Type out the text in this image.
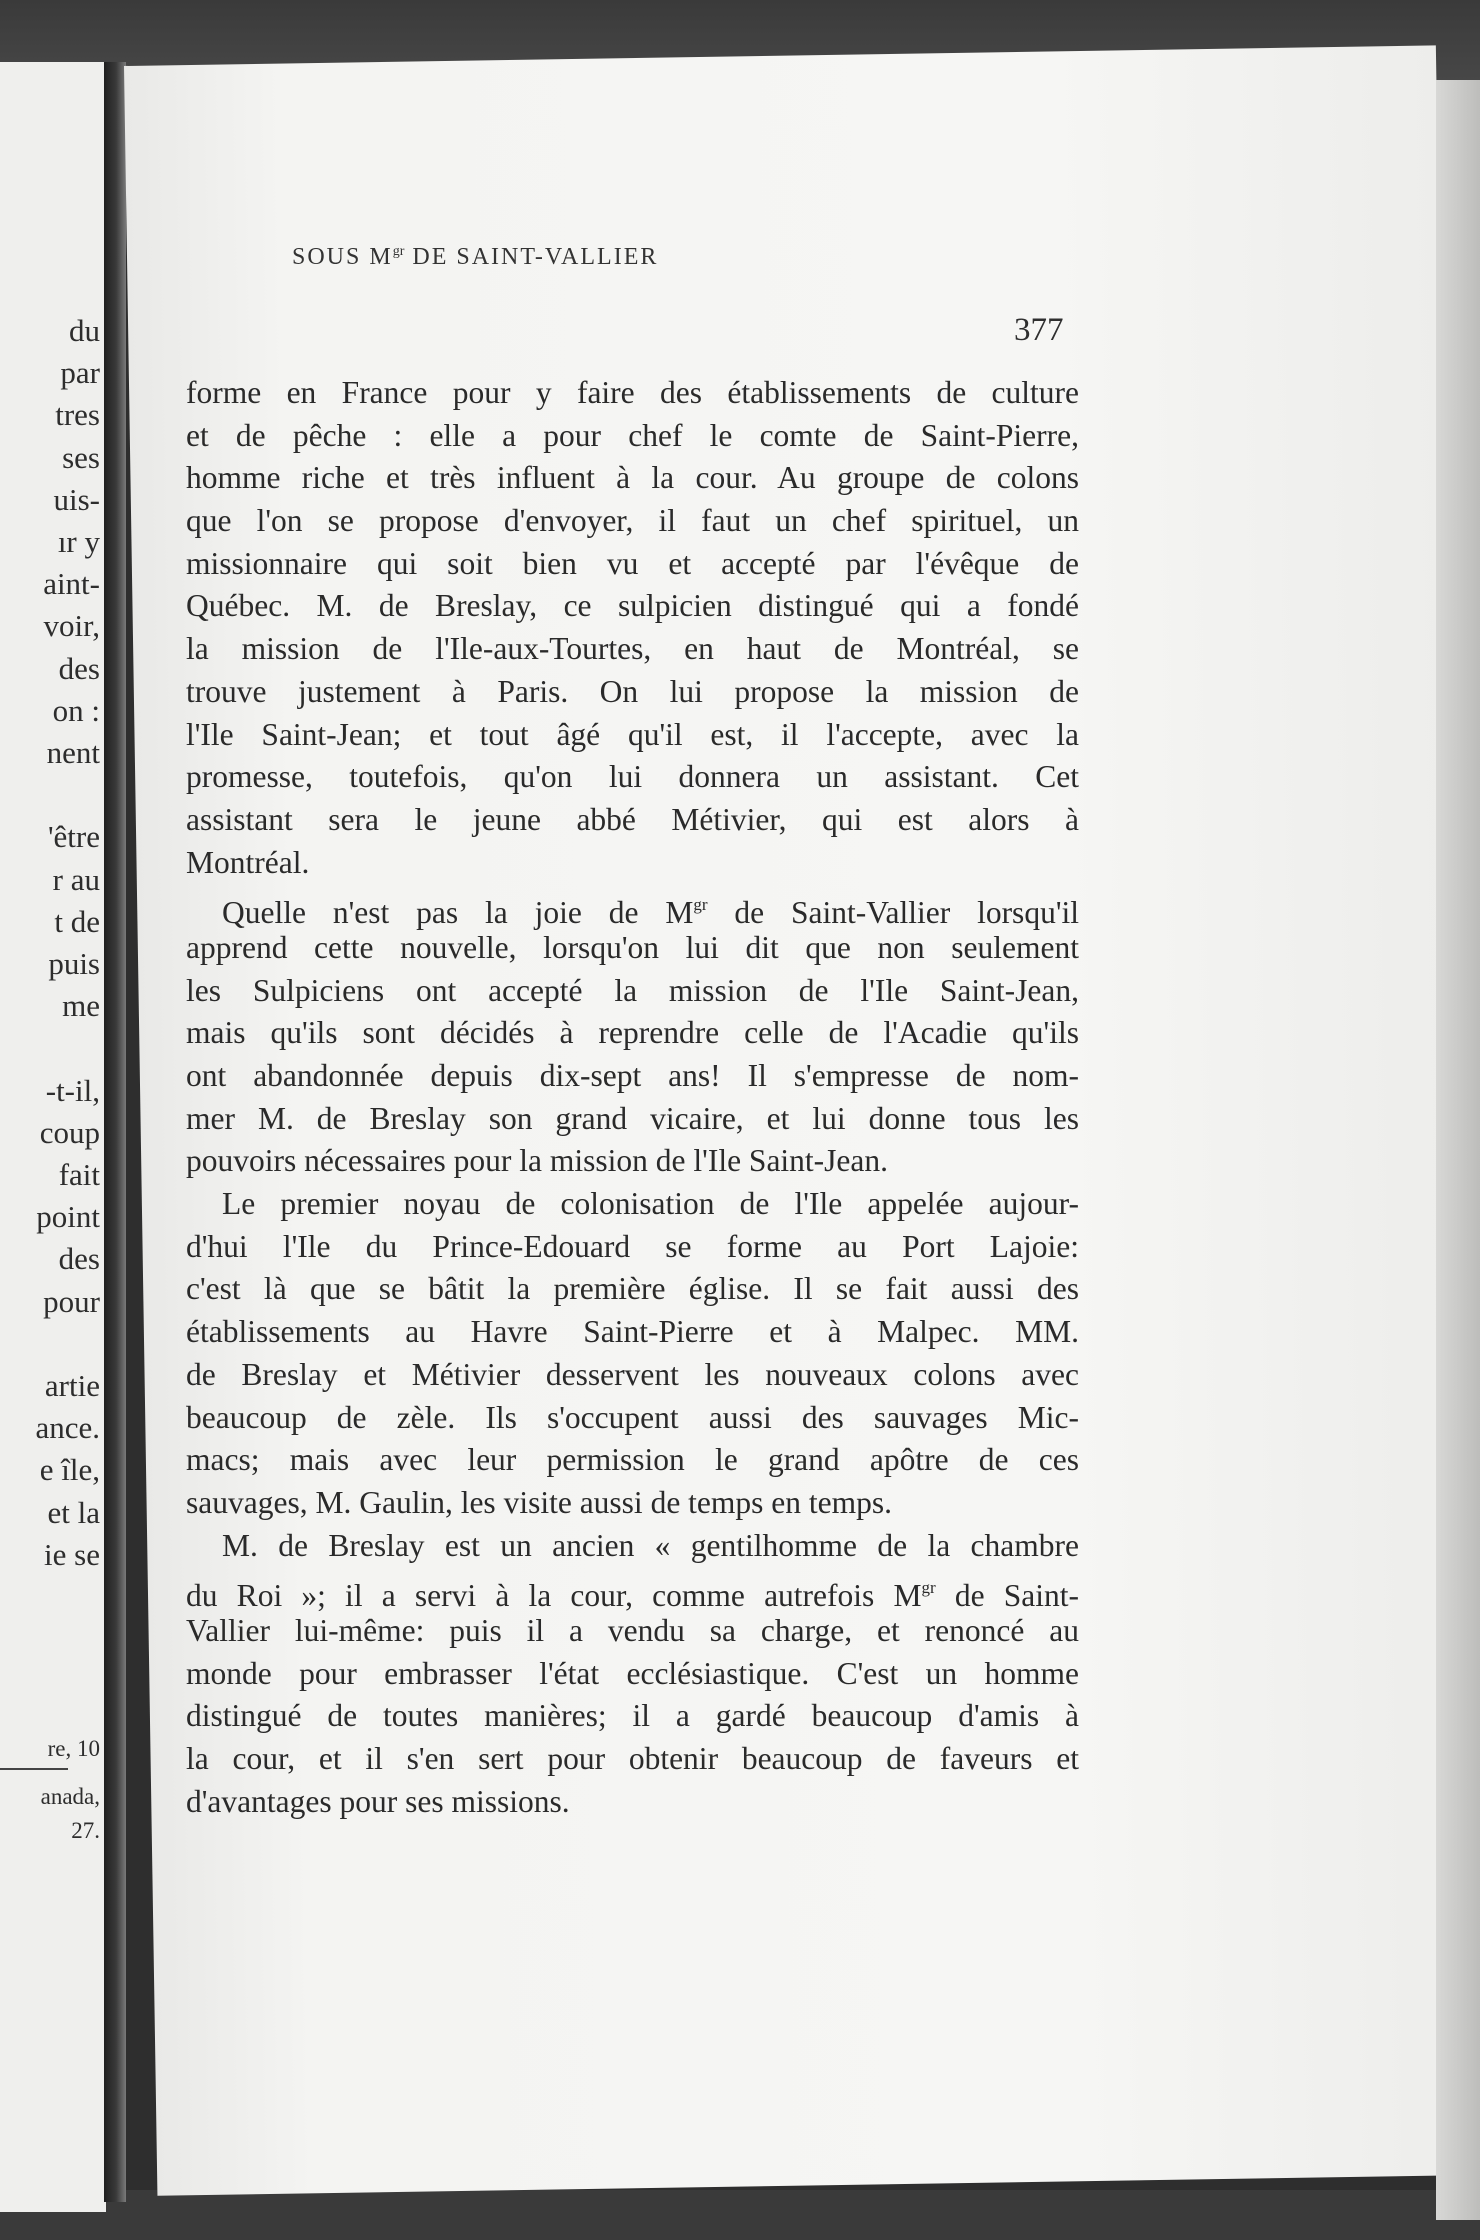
du
par
tres
ses
uis-
ır y
aint-
voir,
des
on :
nent
'être
r au
t de
puis
me
-t-il,
coup
fait
point
des
pour
artie
ance.
e île,
et la
ie se
re, 10
anada,
27.
SOUS $M^{gr}$ DE SAINT-VALLIER
377
forme en France pour y faire des établissements de culture
et de pêche : elle a pour chef le comte de Saint-Pierre,
homme riche et très influent à la cour. Au groupe de colons
que l'on se propose d'envoyer, il faut un chef spirituel, un
missionnaire qui soit bien vu et accepté par l'évêque de
Québec. M. de Breslay, ce sulpicien distingué qui a fondé
la mission de l'Ile-aux-Tourtes, en haut de Montréal, se
trouve justement à Paris. On lui propose la mission de
l'Ile Saint-Jean; et tout âgé qu'il est, il l'accepte, avec la
promesse, toutefois, qu'on lui donnera un assistant. Cet
assistant sera le jeune abbé Métivier, qui est alors à
Montréal.
Quelle n'est pas la joie de $M^{gr}$ de Saint-Vallier lorsqu'il
apprend cette nouvelle, lorsqu'on lui dit que non seulement
les Sulpiciens ont accepté la mission de l'Ile Saint-Jean,
mais qu'ils sont décidés à reprendre celle de l'Acadie qu'ils
ont abandonnée depuis dix-sept ans! Il s'empresse de nom-
mer M. de Breslay son grand vicaire, et lui donne tous les
pouvoirs nécessaires pour la mission de l'Ile Saint-Jean.
Le premier noyau de colonisation de l'Ile appelée aujour-
d'hui l'Ile du Prince-Edouard se forme au Port Lajoie:
c'est là que se bâtit la première église. Il se fait aussi des
établissements au Havre Saint-Pierre et à Malpec. MM.
de Breslay et Métivier desservent les nouveaux colons avec
beaucoup de zèle. Ils s'occupent aussi des sauvages Mic-
macs; mais avec leur permission le grand apôtre de ces
sauvages, M. Gaulin, les visite aussi de temps en temps.
M. de Breslay est un ancien « gentilhomme de la chambre
du Roi »; il a servi à la cour, comme autrefois $M^{gr}$ de Saint-
Vallier lui-même: puis il a vendu sa charge, et renoncé au
monde pour embrasser l'état ecclésiastique. C'est un homme
distingué de toutes manières; il a gardé beaucoup d'amis à
la cour, et il s'en sert pour obtenir beaucoup de faveurs et
d'avantages pour ses missions.
